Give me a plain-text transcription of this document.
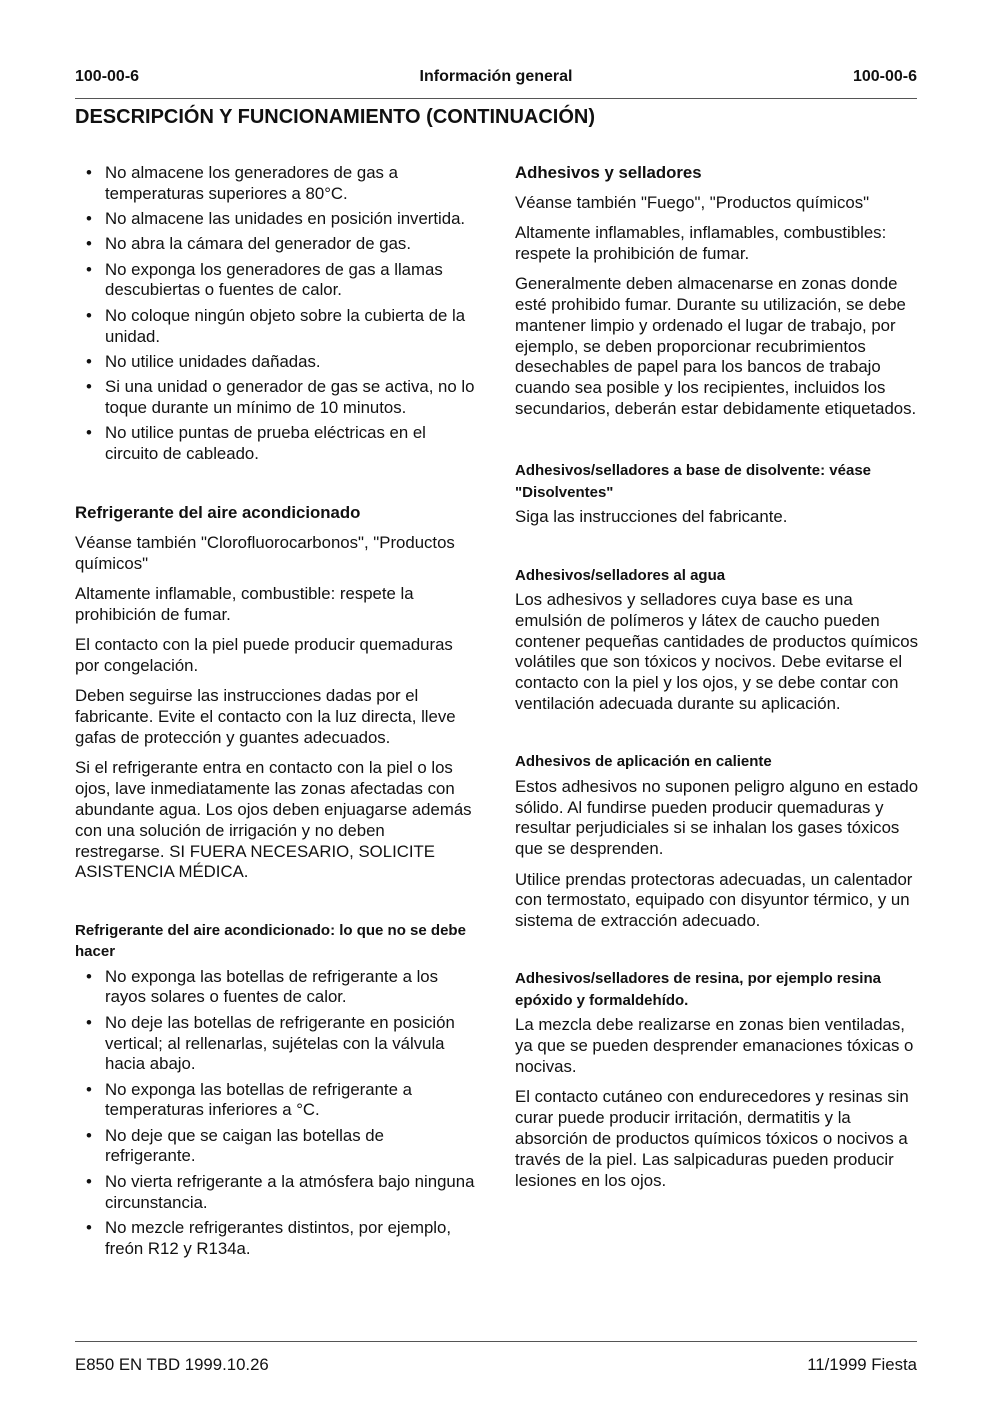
100-00-6	Información general	100-00-6
DESCRIPCIÓN Y FUNCIONAMIENTO (CONTINUACIÓN)
• No almacene los generadores de gas a temperaturas superiores a 80°C.
• No almacene las unidades en posición invertida.
• No abra la cámara del generador de gas.
• No exponga los generadores de gas a llamas descubiertas o fuentes de calor.
• No coloque ningún objeto sobre la cubierta de la unidad.
• No utilice unidades dañadas.
• Si una unidad o generador de gas se activa, no lo toque durante un mínimo de 10 minutos.
• No utilice puntas de prueba eléctricas en el circuito de cableado.
Refrigerante del aire acondicionado

Véanse también "Clorofluorocarbonos", "Productos químicos"

Altamente inflamable, combustible: respete la prohibición de fumar.

El contacto con la piel puede producir quemaduras por congelación.

Deben seguirse las instrucciones dadas por el fabricante. Evite el contacto con la luz directa, lleve gafas de protección y guantes adecuados.

Si el refrigerante entra en contacto con la piel o los ojos, lave inmediatamente las zonas afectadas con abundante agua. Los ojos deben enjuagarse además con una solución de irrigación y no deben restregarse. SI FUERA NECESARIO, SOLICITE ASISTENCIA MÉDICA.

Refrigerante del aire acondicionado: lo que no se debe hacer
• No exponga las botellas de refrigerante a los rayos solares o fuentes de calor.
• No deje las botellas de refrigerante en posición vertical; al rellenarlas, sujételas con la válvula hacia abajo.
• No exponga las botellas de refrigerante a temperaturas inferiores a °C.
• No deje que se caigan las botellas de refrigerante.
• No vierta refrigerante a la atmósfera bajo ninguna circunstancia.
• No mezcle refrigerantes distintos, por ejemplo, freón R12 y R134a.
Adhesivos y selladores

Véanse también "Fuego", "Productos químicos"

Altamente inflamables, inflamables, combustibles: respete la prohibición de fumar.

Generalmente deben almacenarse en zonas donde esté prohibido fumar. Durante su utilización, se debe mantener limpio y ordenado el lugar de trabajo, por ejemplo, se deben proporcionar recubrimientos desechables de papel para los bancos de trabajo cuando sea posible y los recipientes, incluidos los secundarios, deberán estar debidamente etiquetados.

Adhesivos/selladores a base de disolvente: véase "Disolventes"

Siga las instrucciones del fabricante.

Adhesivos/selladores al agua

Los adhesivos y selladores cuya base es una emulsión de polímeros y látex de caucho pueden contener pequeñas cantidades de productos químicos volátiles que son tóxicos y nocivos. Debe evitarse el contacto con la piel y los ojos, y se debe contar con ventilación adecuada durante su aplicación.

Adhesivos de aplicación en caliente

Estos adhesivos no suponen peligro alguno en estado sólido. Al fundirse pueden producir quemaduras y resultar perjudiciales si se inhalan los gases tóxicos que se desprenden.

Utilice prendas protectoras adecuadas, un calentador con termostato, equipado con disyuntor térmico, y un sistema de extracción adecuado.

Adhesivos/selladores de resina, por ejemplo resina epóxido y formaldehído.

La mezcla debe realizarse en zonas bien ventiladas, ya que se pueden desprender emanaciones tóxicas o nocivas.

El contacto cutáneo con endurecedores y resinas sin curar puede producir irritación, dermatitis y la absorción de productos químicos tóxicos o nocivos a través de la piel. Las salpicaduras pueden producir lesiones en los ojos.

E850 EN TBD 1999.10.26	11/1999 Fiesta
